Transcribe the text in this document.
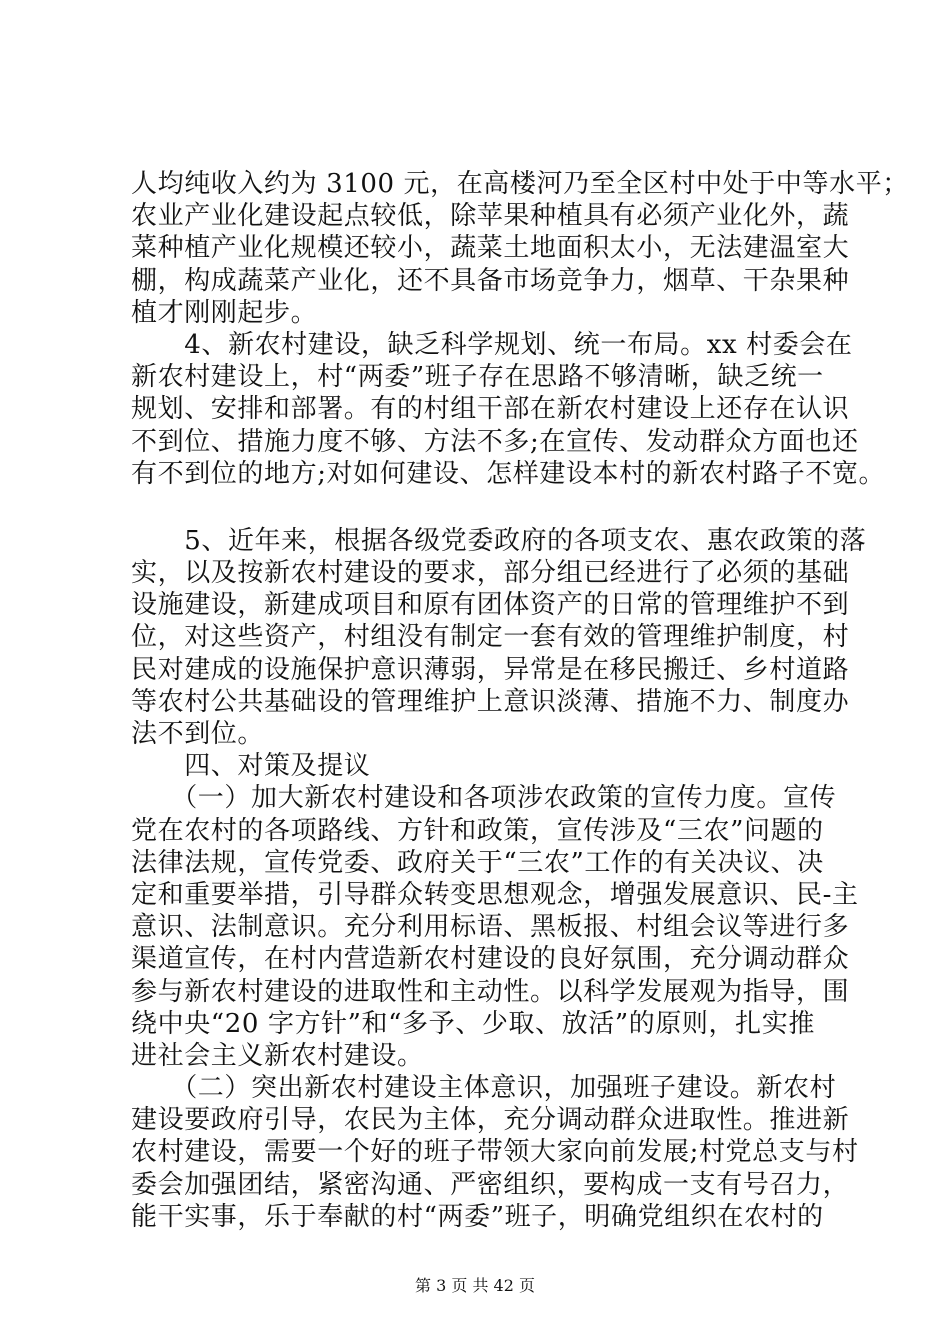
人均纯收入约为 3100 元，在高楼河乃至全区村中处于中等水平；
农业产业化建设起点较低，除苹果种植具有必须产业化外，蔬
菜种植产业化规模还较小，蔬菜土地面积太小，无法建温室大
棚，构成蔬菜产业化，还不具备市场竞争力，烟草、干杂果种
植才刚刚起步。
　　4、新农村建设，缺乏科学规划、统一布局。xx 村委会在
新农村建设上，村“两委”班子存在思路不够清晰，缺乏统一
规划、安排和部署。有的村组干部在新农村建设上还存在认识
不到位、措施力度不够、方法不多;在宣传、发动群众方面也还
有不到位的地方;对如何建设、怎样建设本村的新农村路子不宽。
　　5、近年来，根据各级党委政府的各项支农、惠农政策的落
实，以及按新农村建设的要求，部分组已经进行了必须的基础
设施建设，新建成项目和原有团体资产的日常的管理维护不到
位，对这些资产，村组没有制定一套有效的管理维护制度，村
民对建成的设施保护意识薄弱，异常是在移民搬迁、乡村道路
等农村公共基础设的管理维护上意识淡薄、措施不力、制度办
法不到位。
　　四、对策及提议
　　（一）加大新农村建设和各项涉农政策的宣传力度。宣传
党在农村的各项路线、方针和政策，宣传涉及“三农”问题的
法律法规，宣传党委、政府关于“三农”工作的有关决议、决
定和重要举措，引导群众转变思想观念，增强发展意识、民-主
意识、法制意识。充分利用标语、黑板报、村组会议等进行多
渠道宣传，在村内营造新农村建设的良好氛围，充分调动群众
参与新农村建设的进取性和主动性。以科学发展观为指导，围
绕中央“20 字方针”和“多予、少取、放活”的原则，扎实推
进社会主义新农村建设。
　　（二）突出新农村建设主体意识，加强班子建设。新农村
建设要政府引导，农民为主体，充分调动群众进取性。推进新
农村建设，需要一个好的班子带领大家向前发展;村党总支与村
委会加强团结，紧密沟通、严密组织，要构成一支有号召力，
能干实事，乐于奉献的村“两委”班子，明确党组织在农村的
第 3 页 共 42 页
